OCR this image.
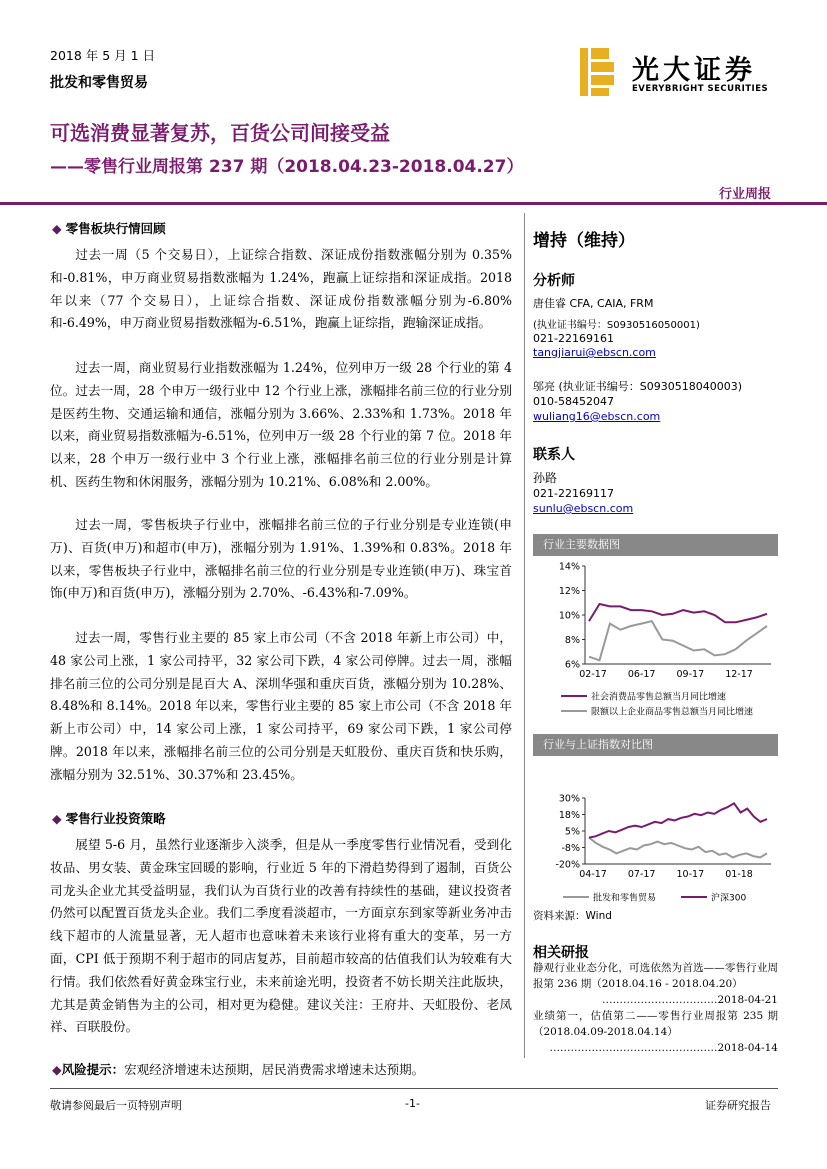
2018 年 5 月 1 日
批发和零售贸易	光大证券
EVERYBRIGHT SECURITIES
可选消费显著复苏，百货公司间接受益
——零售行业周报第 237 期（2018.04.23-2018.04.27）
行业周报
◆ 零售板块行情回顾

过去一周（5 个交易日），上证综合指数、深证成份指数涨幅分别为 0.35%和-0.81%，申万商业贸易指数涨幅为 1.24%，跑赢上证综指和深证成指。2018 年以来（77 个交易日），上证综合指数、深证成份指数涨幅分别为-6.80%和-6.49%，申万商业贸易指数涨幅为-6.51%，跑赢上证综指，跑输深证成指。

过去一周，商业贸易行业指数涨幅为 1.24%，位列申万一级 28 个行业的第 4 位。过去一周，28 个申万一级行业中 12 个行业上涨，涨幅排名前三位的行业分别是医药生物、交通运输和通信，涨幅分别为 3.66%、2.33%和 1.73%。2018 年以来，商业贸易指数涨幅为-6.51%，位列申万一级 28 个行业的第 7 位。2018 年以来，28 个申万一级行业中 3 个行业上涨，涨幅排名前三位的行业分别是计算机、医药生物和休闲服务，涨幅分别为 10.21%、6.08%和 2.00%。

过去一周，零售板块子行业中，涨幅排名前三位的子行业分别是专业连锁(申万)、百货(申万)和超市(申万)，涨幅分别为 1.91%、1.39%和 0.83%。2018 年以来，零售板块子行业中，涨幅排名前三位的行业分别是专业连锁(申万)、珠宝首饰(申万)和百货(申万)，涨幅分别为 2.70%、-6.43%和-7.09%。

过去一周，零售行业主要的 85 家上市公司（不含 2018 年新上市公司）中，48 家公司上涨，1 家公司持平，32 家公司下跌，4 家公司停牌。过去一周，涨幅排名前三位的公司分别是昆百大 A、深圳华强和重庆百货，涨幅分别为 10.28%、8.48%和 8.14%。2018 年以来，零售行业主要的 85 家上市公司（不含 2018 年新上市公司）中，14 家公司上涨，1 家公司持平，69 家公司下跌，1 家公司停牌。2018 年以来，涨幅排名前三位的公司分别是天虹股份、重庆百货和快乐购，涨幅分别为 32.51%、30.37%和 23.45%。

◆ 零售行业投资策略

展望 5-6 月，虽然行业逐渐步入淡季，但是从一季度零售行业情况看，受到化妆品、男女装、黄金珠宝回暖的影响，行业近 5 年的下滑趋势得到了遏制，百货公司龙头企业尤其受益明显，我们认为百货行业的改善有持续性的基础，建议投资者仍然可以配置百货龙头企业。我们二季度看淡超市，一方面京东到家等新业务冲击线下超市的人流量显著，无人超市也意味着未来该行业将有重大的变革，另一方面，CPI 低于预期不利于超市的同店复苏，目前超市较高的估值我们认为较难有大行情。我们依然看好黄金珠宝行业，未来前途光明，投资者不妨长期关注此版块，尤其是黄金销售为主的公司，相对更为稳健。建议关注：王府井、天虹股份、老凤祥、百联股份。

◆风险提示：宏观经济增速未达预期，居民消费需求增速未达预期。
增持（维持）
分析师
唐佳睿 CFA, CAIA, FRM
(执业证书编号：S0930516050001)
021-22169161
tangjiarui@ebscn.com
邬亮 (执业证书编号：S0930518040003)
010-58452047
wuliang16@ebscn.com
联系人
孙路
021-22169117
sunlu@ebscn.com
行业主要数据图
14%
12%
10%
8%
6%
02-17 06-17 09-17 12-17
社会消费品零售总额当月同比增速
限额以上企业商品零售总额当月同比增速
行业与上证指数对比图
30%
18%
5%
-8%
-20%
04-17 07-17 10-17 01-18
批发和零售贸易	沪深300
资料来源：Wind
相关研报
静观行业业态分化，可选依然为首选——零售行业周报第 236 期（2018.04.16 - 2018.04.20）
……………………………2018-04-21
业绩第一，估值第二——零售行业周报第 235 期（2018.04.09-2018.04.14）
…………………………………………2018-04-14
敬请参阅最后一页特别声明	-1-	证券研究报告
